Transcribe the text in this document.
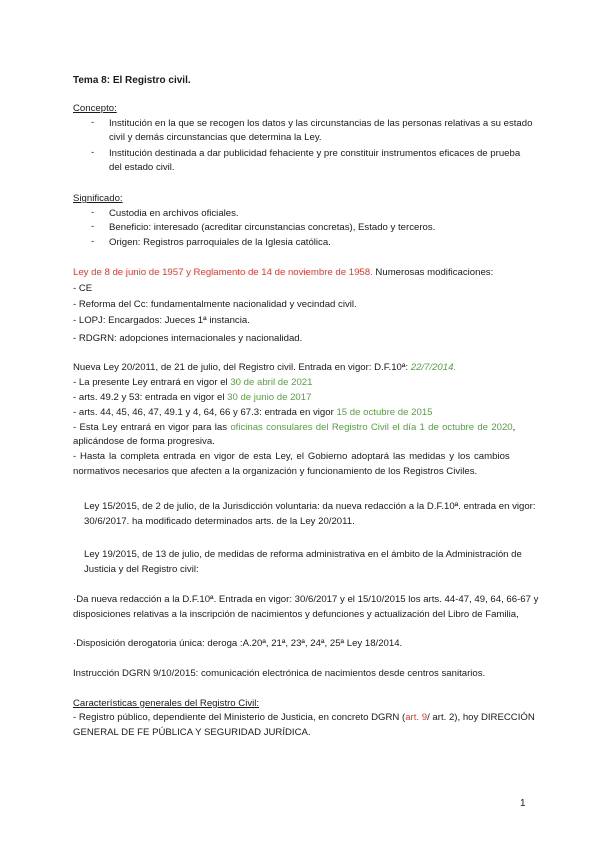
Tema 8: El Registro civil.
Concepto:
- Institución en la que se recogen los datos y las circunstancias de las personas relativas a su estado
civil y demás circunstancias que determina la Ley.
- Institución destinada a dar publicidad fehaciente y pre constituir instrumentos eficaces de prueba
del estado civil.
Significado:
- Custodia en archivos oficiales.
- Beneficio: interesado (acreditar circunstancias concretas), Estado y terceros.
- Origen: Registros parroquiales de la Iglesia católica.
Ley de 8 de junio de 1957 y Reglamento de 14 de noviembre de 1958. Numerosas modificaciones:
- CE
- Reforma del Cc: fundamentalmente nacionalidad y vecindad civil.
- LOPJ: Encargados: Jueces 1ª instancia.
- RDGRN: adopciones internacionales y nacionalidad.
Nueva Ley 20/2011, de 21 de julio, del Registro civil. Entrada en vigor: D.F.10ª: 22/7/2014.
- La presente Ley entrará en vigor el 30 de abril de 2021
- arts. 49.2 y 53: entrada en vigor el 30 de junio de 2017
- arts. 44, 45, 46, 47, 49.1 y 4, 64, 66 y 67.3: entrada en vigor 15 de octubre de 2015
- Esta Ley entrará en vigor para las oficinas consulares del Registro Civil el día 1 de octubre de 2020,
aplicándose de forma progresiva.
- Hasta la completa entrada en vigor de esta Ley, el Gobierno adoptará las medidas y los cambios
normativos necesarios que afecten a la organización y funcionamiento de los Registros Civiles.
Ley 15/2015, de 2 de julio, de la Jurisdicción voluntaria: da nueva redacción a la D.F.10ª. entrada en vigor:
30/6/2017. ha modificado determinados arts. de la Ley 20/2011.
Ley 19/2015, de 13 de julio, de medidas de reforma administrativa en el ámbito de la Administración de
Justicia y del Registro civil:
·Da nueva redacción a la D.F.10ª. Entrada en vigor: 30/6/2017 y el 15/10/2015 los arts. 44-47, 49, 64, 66-67 y
disposiciones relativas a la inscripción de nacimientos y defunciones y actualización del Libro de Familia,
·Disposición derogatoria única: deroga :A.20ª, 21ª, 23ª, 24ª, 25ª Ley 18/2014.
Instrucción DGRN 9/10/2015: comunicación electrónica de nacimientos desde centros sanitarios.
Características generales del Registro Civil:
- Registro público, dependiente del Ministerio de Justicia, en concreto DGRN (art. 9/ art. 2), hoy DIRECCIÓN
GENERAL DE FE PÚBLICA Y SEGURIDAD JURÍDICA.
1
